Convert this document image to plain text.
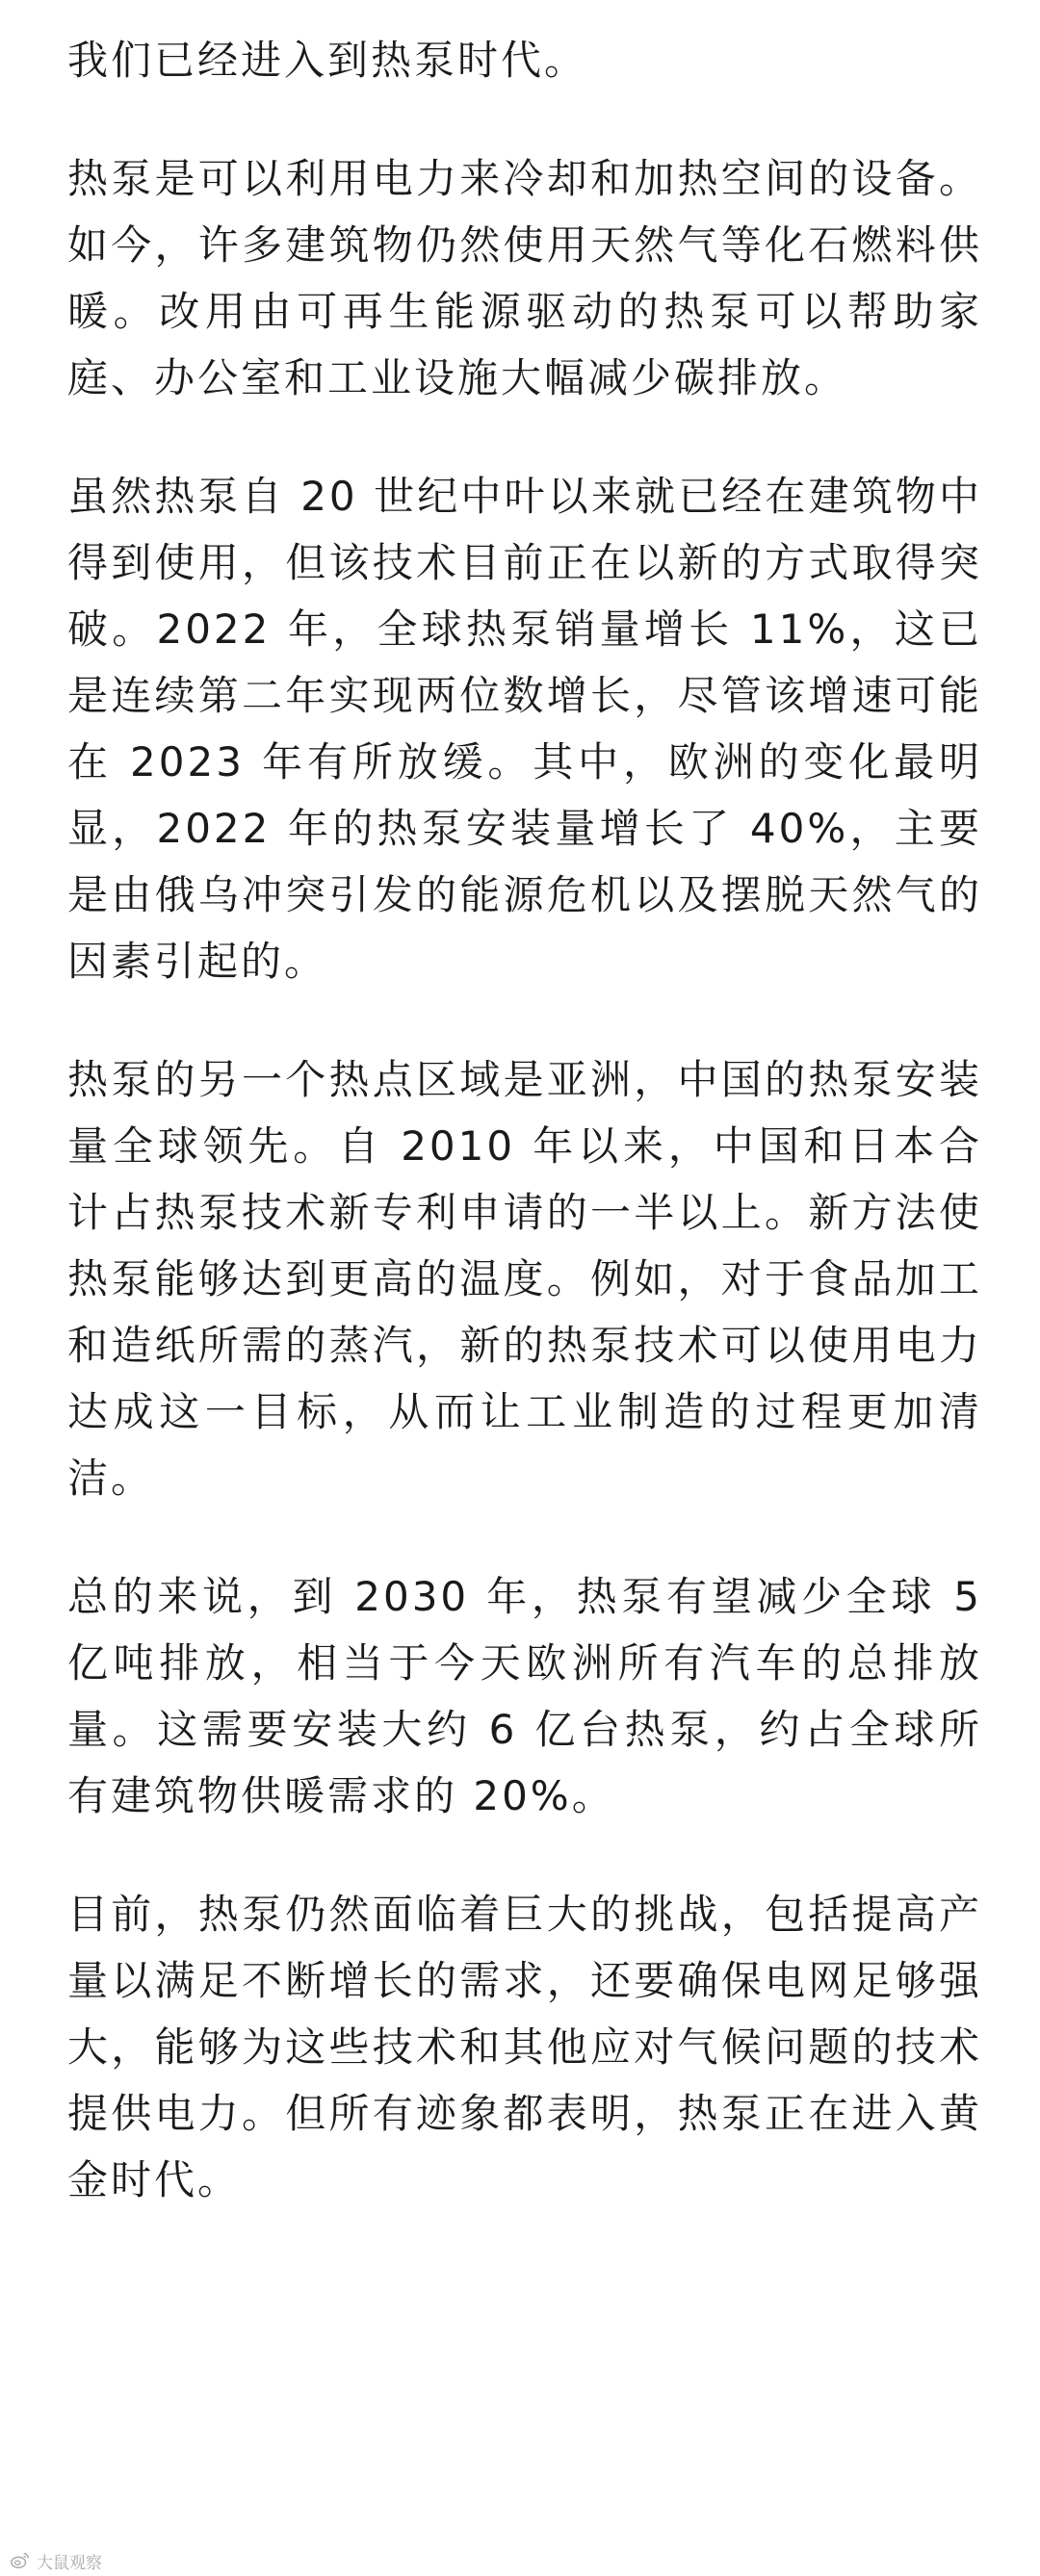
我们已经进入到热泵时代。

热泵是可以利用电力来冷却和加热空间的设备。如今，许多建筑物仍然使用天然气等化石燃料供暖。改用由可再生能源驱动的热泵可以帮助家庭、办公室和工业设施大幅减少碳排放。

虽然热泵自 20 世纪中叶以来就已经在建筑物中得到使用，但该技术目前正在以新的方式取得突破。2022 年，全球热泵销量增长 11%，这已是连续第二年实现两位数增长，尽管该增速可能在 2023 年有所放缓。其中，欧洲的变化最明显，2022 年的热泵安装量增长了 40%，主要是由俄乌冲突引发的能源危机以及摆脱天然气的因素引起的。

热泵的另一个热点区域是亚洲，中国的热泵安装量全球领先。自 2010 年以来，中国和日本合计占热泵技术新专利申请的一半以上。新方法使热泵能够达到更高的温度。例如，对于食品加工和造纸所需的蒸汽，新的热泵技术可以使用电力达成这一目标，从而让工业制造的过程更加清洁。

总的来说，到 2030 年，热泵有望减少全球 5 亿吨排放，相当于今天欧洲所有汽车的总排放量。这需要安装大约 6 亿台热泵，约占全球所有建筑物供暖需求的 20%。

目前，热泵仍然面临着巨大的挑战，包括提高产量以满足不断增长的需求，还要确保电网足够强大，能够为这些技术和其他应对气候问题的技术提供电力。但所有迹象都表明，热泵正在进入黄金时代。

大鼠观察
